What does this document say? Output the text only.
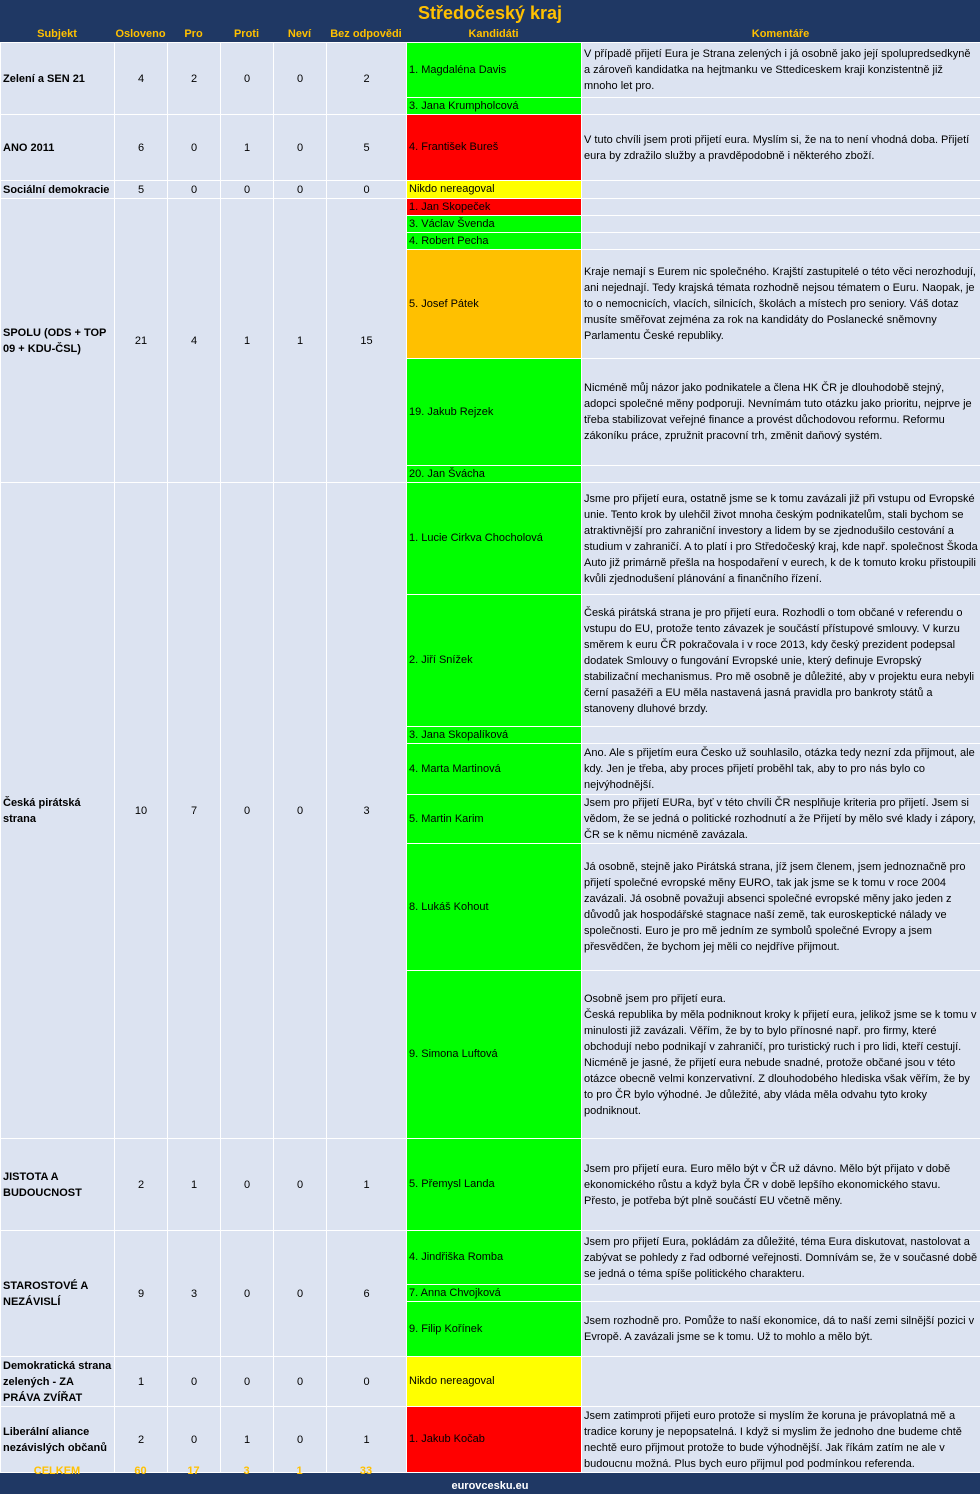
Středočeský kraj
Subjekt	Osloveno	Pro	Proti	Neví	Bez odpovědi	Kandidáti	Komentáře
Zelení a SEN 21	4	2	0	0	2	1. Magdaléna Davis	V případě přijetí Eura je Strana zelených i já osobně jako její spolupredsedkyně a zároveň kandidatka na hejtmanku ve Sttediceskem kraji konzistentně již mnoho let pro.
						3. Jana Krumpholcová	
ANO 2011	6	0	1	0	5	4. František Bureš	V tuto chvíli jsem proti přijetí eura. Myslím si, že na to není vhodná doba. Přijetí eura by zdražilo služby a pravděpodobně i některého zboží.
Sociální demokracie	5	0	0	0	0	Nikdo nereagoval	
SPOLU (ODS + TOP 09 + KDU-ČSL)	21	4	1	1	15	1. Jan Skopeček	
						3. Václav Švenda	
						4. Robert Pecha	
						5. Josef Pátek	Kraje nemají s Eurem nic společného. Krajští zastupitelé o této věci nerozhodují, ani nejednají. Tedy krajská témata rozhodně nejsou tématem o Euru. Naopak, je to o nemocnicích, vlacích, silnicích, školách a místech pro seniory. Váš dotaz musíte směřovat zejména za rok na kandidáty do Poslanecké sněmovny Parlamentu České republiky.
						19. Jakub Rejzek	Nicméně můj názor jako podnikatele a člena HK ČR je dlouhodobě stejný, adopci společné měny podporuji. Nevnímám tuto otázku jako prioritu, nejprve je třeba stabilizovat veřejné finance a provést důchodovou reformu. Reformu zákoníku práce, zpružnit pracovní trh, změnit daňový systém.
						20. Jan Švácha	
Česká pirátská strana	10	7	0	0	3	1. Lucie Cirkva Chocholová	Jsme pro přijetí eura, ostatně jsme se k tomu zavázali již při vstupu od Evropské unie. Tento krok by ulehčil život mnoha českým podnikatelům, stali bychom se atraktivnější pro zahraniční investory a lidem by se zjednodušilo cestování a studium v zahraničí. A to platí i pro Středočeský kraj, kde např. společnost Škoda Auto již primárně přešla na hospodaření v eurech, k de k tomuto kroku přistoupili kvůli zjednodušení plánování a finančního řízení.
						2. Jiří Snížek	Česká pirátská strana je pro přijetí eura. Rozhodli o tom občané v referendu o vstupu do EU, protože tento závazek je součástí přístupové smlouvy. V kurzu směrem k euru ČR pokračovala i v roce 2013, kdy český prezident podepsal dodatek Smlouvy o fungování Evropské unie, který definuje Evropský stabilizační mechanismus. Pro mě osobně je důležité, aby v projektu eura nebyli černí pasažéři a EU měla nastavená jasná pravidla pro bankroty států a stanoveny dluhové brzdy.
						3. Jana Skopalíková	
						4. Marta Martinová	Ano. Ale s přijetím eura Česko už souhlasilo, otázka tedy nezní zda přijmout, ale kdy. Jen je třeba, aby proces přijetí proběhl tak, aby to pro nás bylo co nejvýhodnější.
						5. Martin Karim	Jsem pro přijetí EURa, byť v této chvíli ČR nesplňuje kriteria pro přijetí. Jsem si vědom, že se jedná o politické rozhodnutí a že Přijetí by mělo své klady i zápory, ČR se k němu nicméně zavázala.
						8. Lukáš Kohout	Já osobně, stejně jako Pirátská strana, jíž jsem členem, jsem jednoznačně pro přijetí společné evropské měny EURO, tak jak jsme se k tomu v roce 2004 zavázali. Já osobně považuji absenci společné evropské měny jako jeden z důvodů jak hospodářské stagnace naší země, tak euroskeptické nálady ve společnosti. Euro je pro mě jedním ze symbolů společné Evropy a jsem přesvědčen, že bychom jej měli co nejdříve přijmout.
						9. Simona Luftová	Osobně jsem pro přijetí eura.
Česká republika by měla podniknout kroky k přijetí eura, jelikož jsme se k tomu v minulosti již zavázali. Věřím, že by to bylo přínosné např. pro firmy, které obchodují nebo podnikají v zahraničí, pro turistický ruch i pro lidi, kteří cestují. Nicméně je jasné, že přijetí eura nebude snadné, protože občané jsou v této otázce obecně velmi konzervativní. Z dlouhodobého hlediska však věřím, že by to pro ČR bylo výhodné. Je důležité, aby vláda měla odvahu tyto kroky podniknout.
JISTOTA A BUDOUCNOST	2	1	0	0	1	5. Přemysl Landa	Jsem pro přijetí eura. Euro mělo být v ČR už dávno. Mělo být přijato v době ekonomického růstu a když byla ČR v době lepšího ekonomického stavu. Přesto, je potřeba být plně součástí EU včetně měny.
STAROSTOVÉ A NEZÁVISLÍ	9	3	0	0	6	4. Jindřiška Romba	Jsem pro přijetí Eura, pokládám za důležité, téma Eura diskutovat, nastolovat a zabývat se pohledy z řad odborné veřejnosti. Domnívám se, že v současné době se jedná o téma spíše politického charakteru.
						7. Anna Chvojková	
						9. Filip Kořínek	Jsem rozhodně pro. Pomůže to naší ekonomice, dá to naší zemi silnější pozici v Evropě. A zavázali jsme se k tomu. Už to mohlo a mělo být.
Demokratická strana zelených - ZA PRÁVA ZVÍŘAT	1	0	0	0	0	Nikdo nereagoval	
Liberální aliance nezávislých občanů	2	0	1	0	1	1. Jakub Kočab	Jsem zatimproti přijeti euro protože si myslím že koruna je právoplatná mě a tradice koruny je nepopsatelná. I když si myslim že jednoho dne budeme chtě nechtě euro přijmout protože to bude výhodnější. Jak říkám zatím ne ale v budoucnu možná. Plus bych euro přijmul pod podmínkou referenda.
CELKEM	60	17	3	1	33
eurovcesku.eu
